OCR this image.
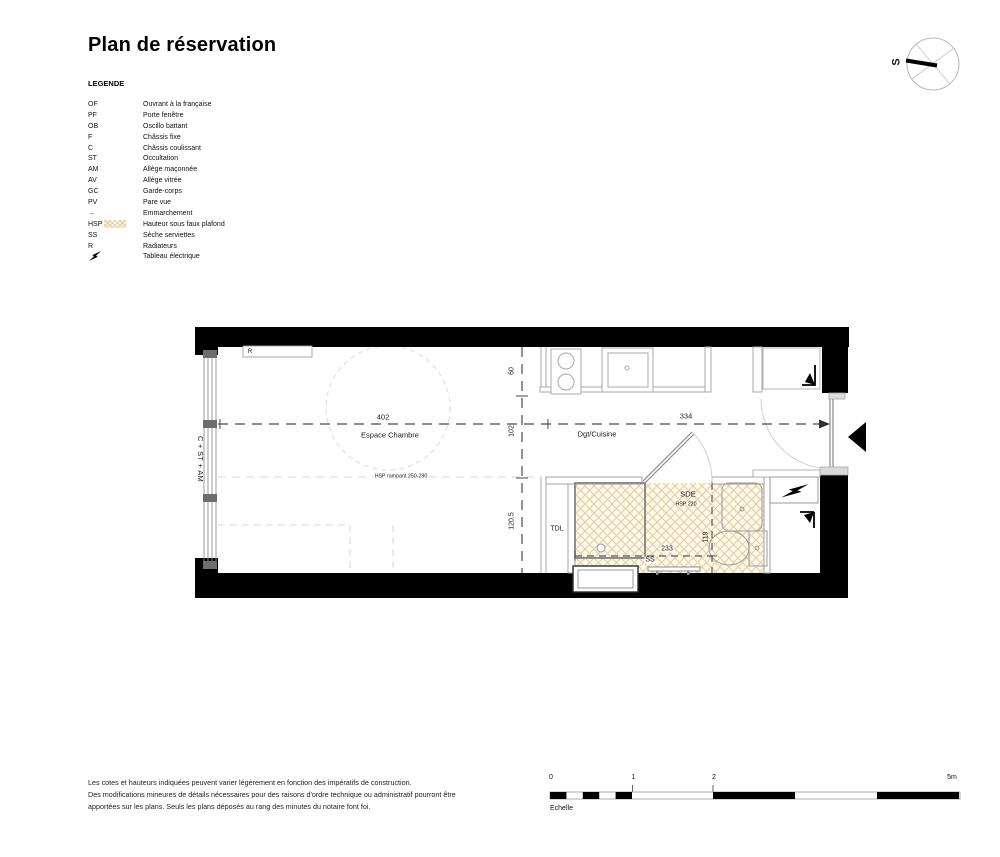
Plan de réservation
LEGENDE
OF	Ouvrant à la française
PF	Porte fenêtre
OB	Oscillo battant
F	Châssis fixe
C	Châssis coulissant
ST	Occultation
AM	Allège maçonnée
AV	Allège vitrée
GC	Garde-corps
PV	Pare vue
→	Emmarchement
HSP	Hauteur sous faux plafond
SS	Sèche serviettes
R	Radiateurs
Tableau électrique
R
C + ST + AM
402
Espace Chambre
HSP rampant 250-290
334
Dgt/Cuisine
60
102
120.5	TDL
SDE
HSP 220
119
233
SS
S
0	1	2	5m
Echelle
Les cotes et hauteurs indiquées peuvent varier légèrement en fonction des impératifs de construction.
Des modifications mineures de détails nécessaires pour des raisons d'ordre technique ou administratif pourront être
apportées sur les plans. Seuls les plans déposés au rang des minutes du notaire font foi.
